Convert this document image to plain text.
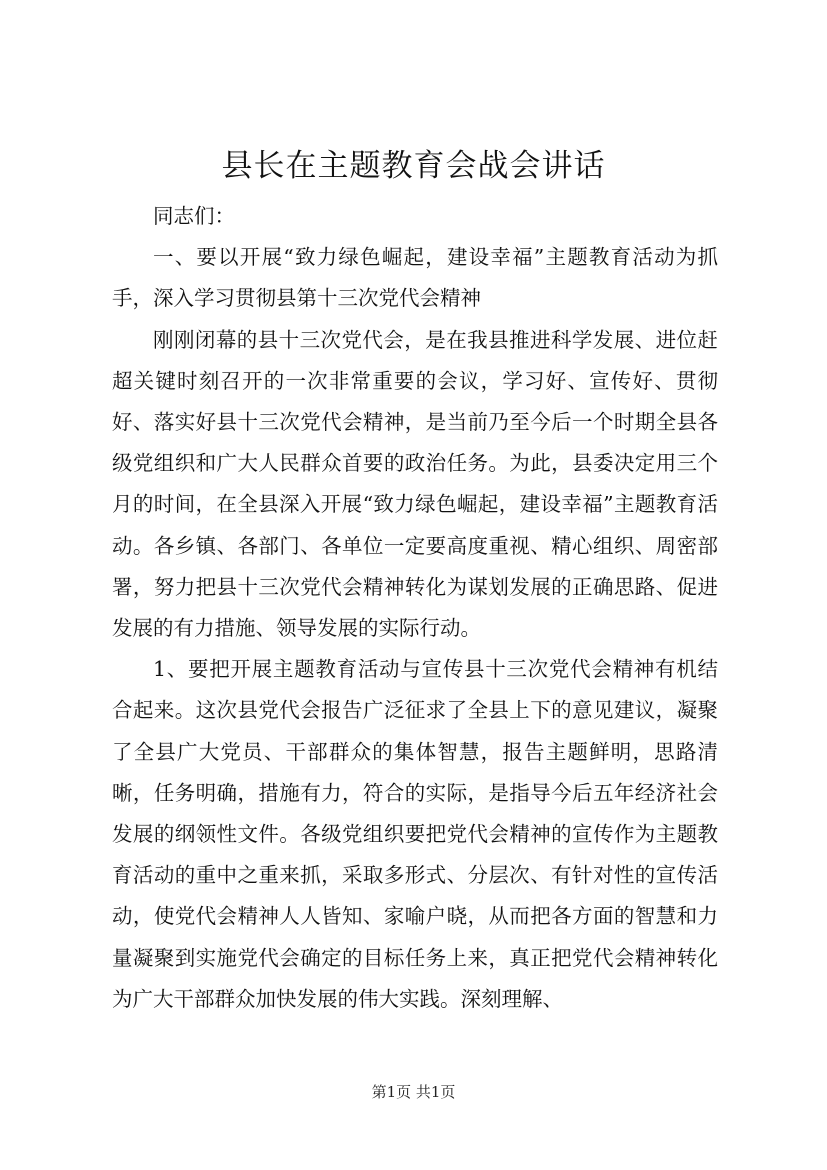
县长在主题教育会战会讲话

同志们：

一、要以开展“致力绿色崛起，建设幸福”主题教育活动为抓手，深入学习贯彻县第十三次党代会精神

刚刚闭幕的县十三次党代会，是在我县推进科学发展、进位赶超关键时刻召开的一次非常重要的会议，学习好、宣传好、贯彻好、落实好县十三次党代会精神，是当前乃至今后一个时期全县各级党组织和广大人民群众首要的政治任务。为此，县委决定用三个月的时间，在全县深入开展“致力绿色崛起，建设幸福”主题教育活动。各乡镇、各部门、各单位一定要高度重视、精心组织、周密部署，努力把县十三次党代会精神转化为谋划发展的正确思路、促进发展的有力措施、领导发展的实际行动。

1、要把开展主题教育活动与宣传县十三次党代会精神有机结合起来。这次县党代会报告广泛征求了全县上下的意见建议，凝聚了全县广大党员、干部群众的集体智慧，报告主题鲜明，思路清晰，任务明确，措施有力，符合的实际，是指导今后五年经济社会发展的纲领性文件。各级党组织要把党代会精神的宣传作为主题教育活动的重中之重来抓，采取多形式、分层次、有针对性的宣传活动，使党代会精神人人皆知、家喻户晓，从而把各方面的智慧和力量凝聚到实施党代会确定的目标任务上来，真正把党代会精神转化为广大干部群众加快发展的伟大实践。深刻理解、

第1页 共1页
